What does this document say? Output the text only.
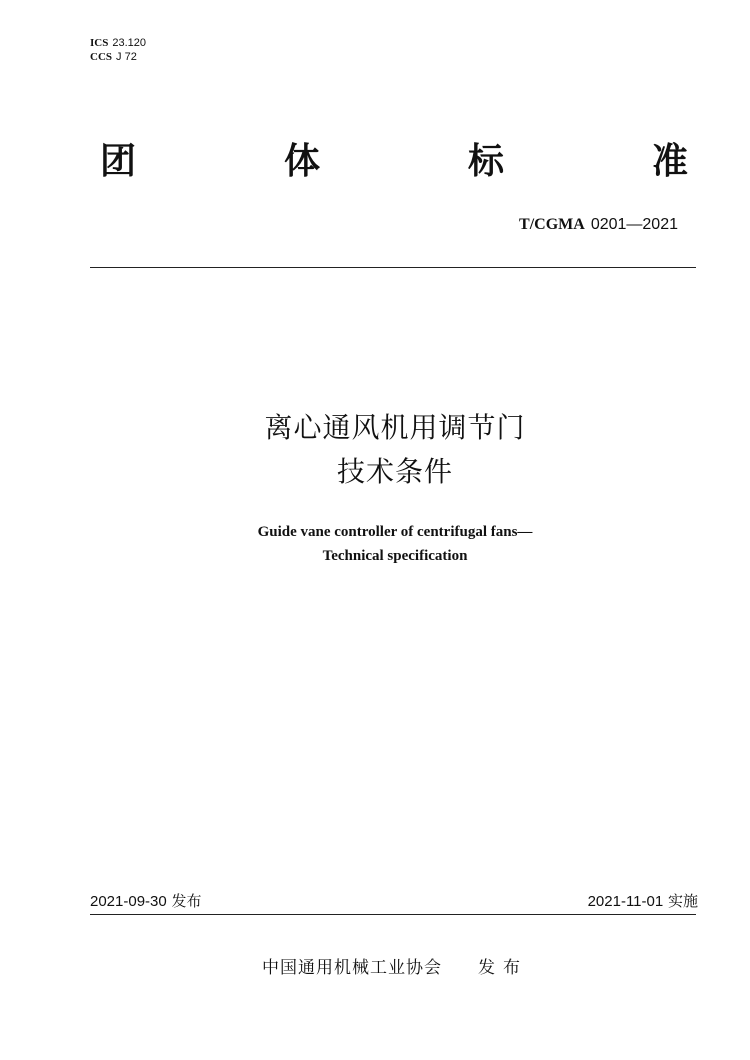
ICS 23.120
CCS J 72
团	体	标	准
T/CGMA 0201—2021
离心通风机用调节门
技术条件
Guide vane controller of centrifugal fans—
Technical specification
2021-09-30 发布	2021-11-01 实施
中国通用机械工业协会 发布
